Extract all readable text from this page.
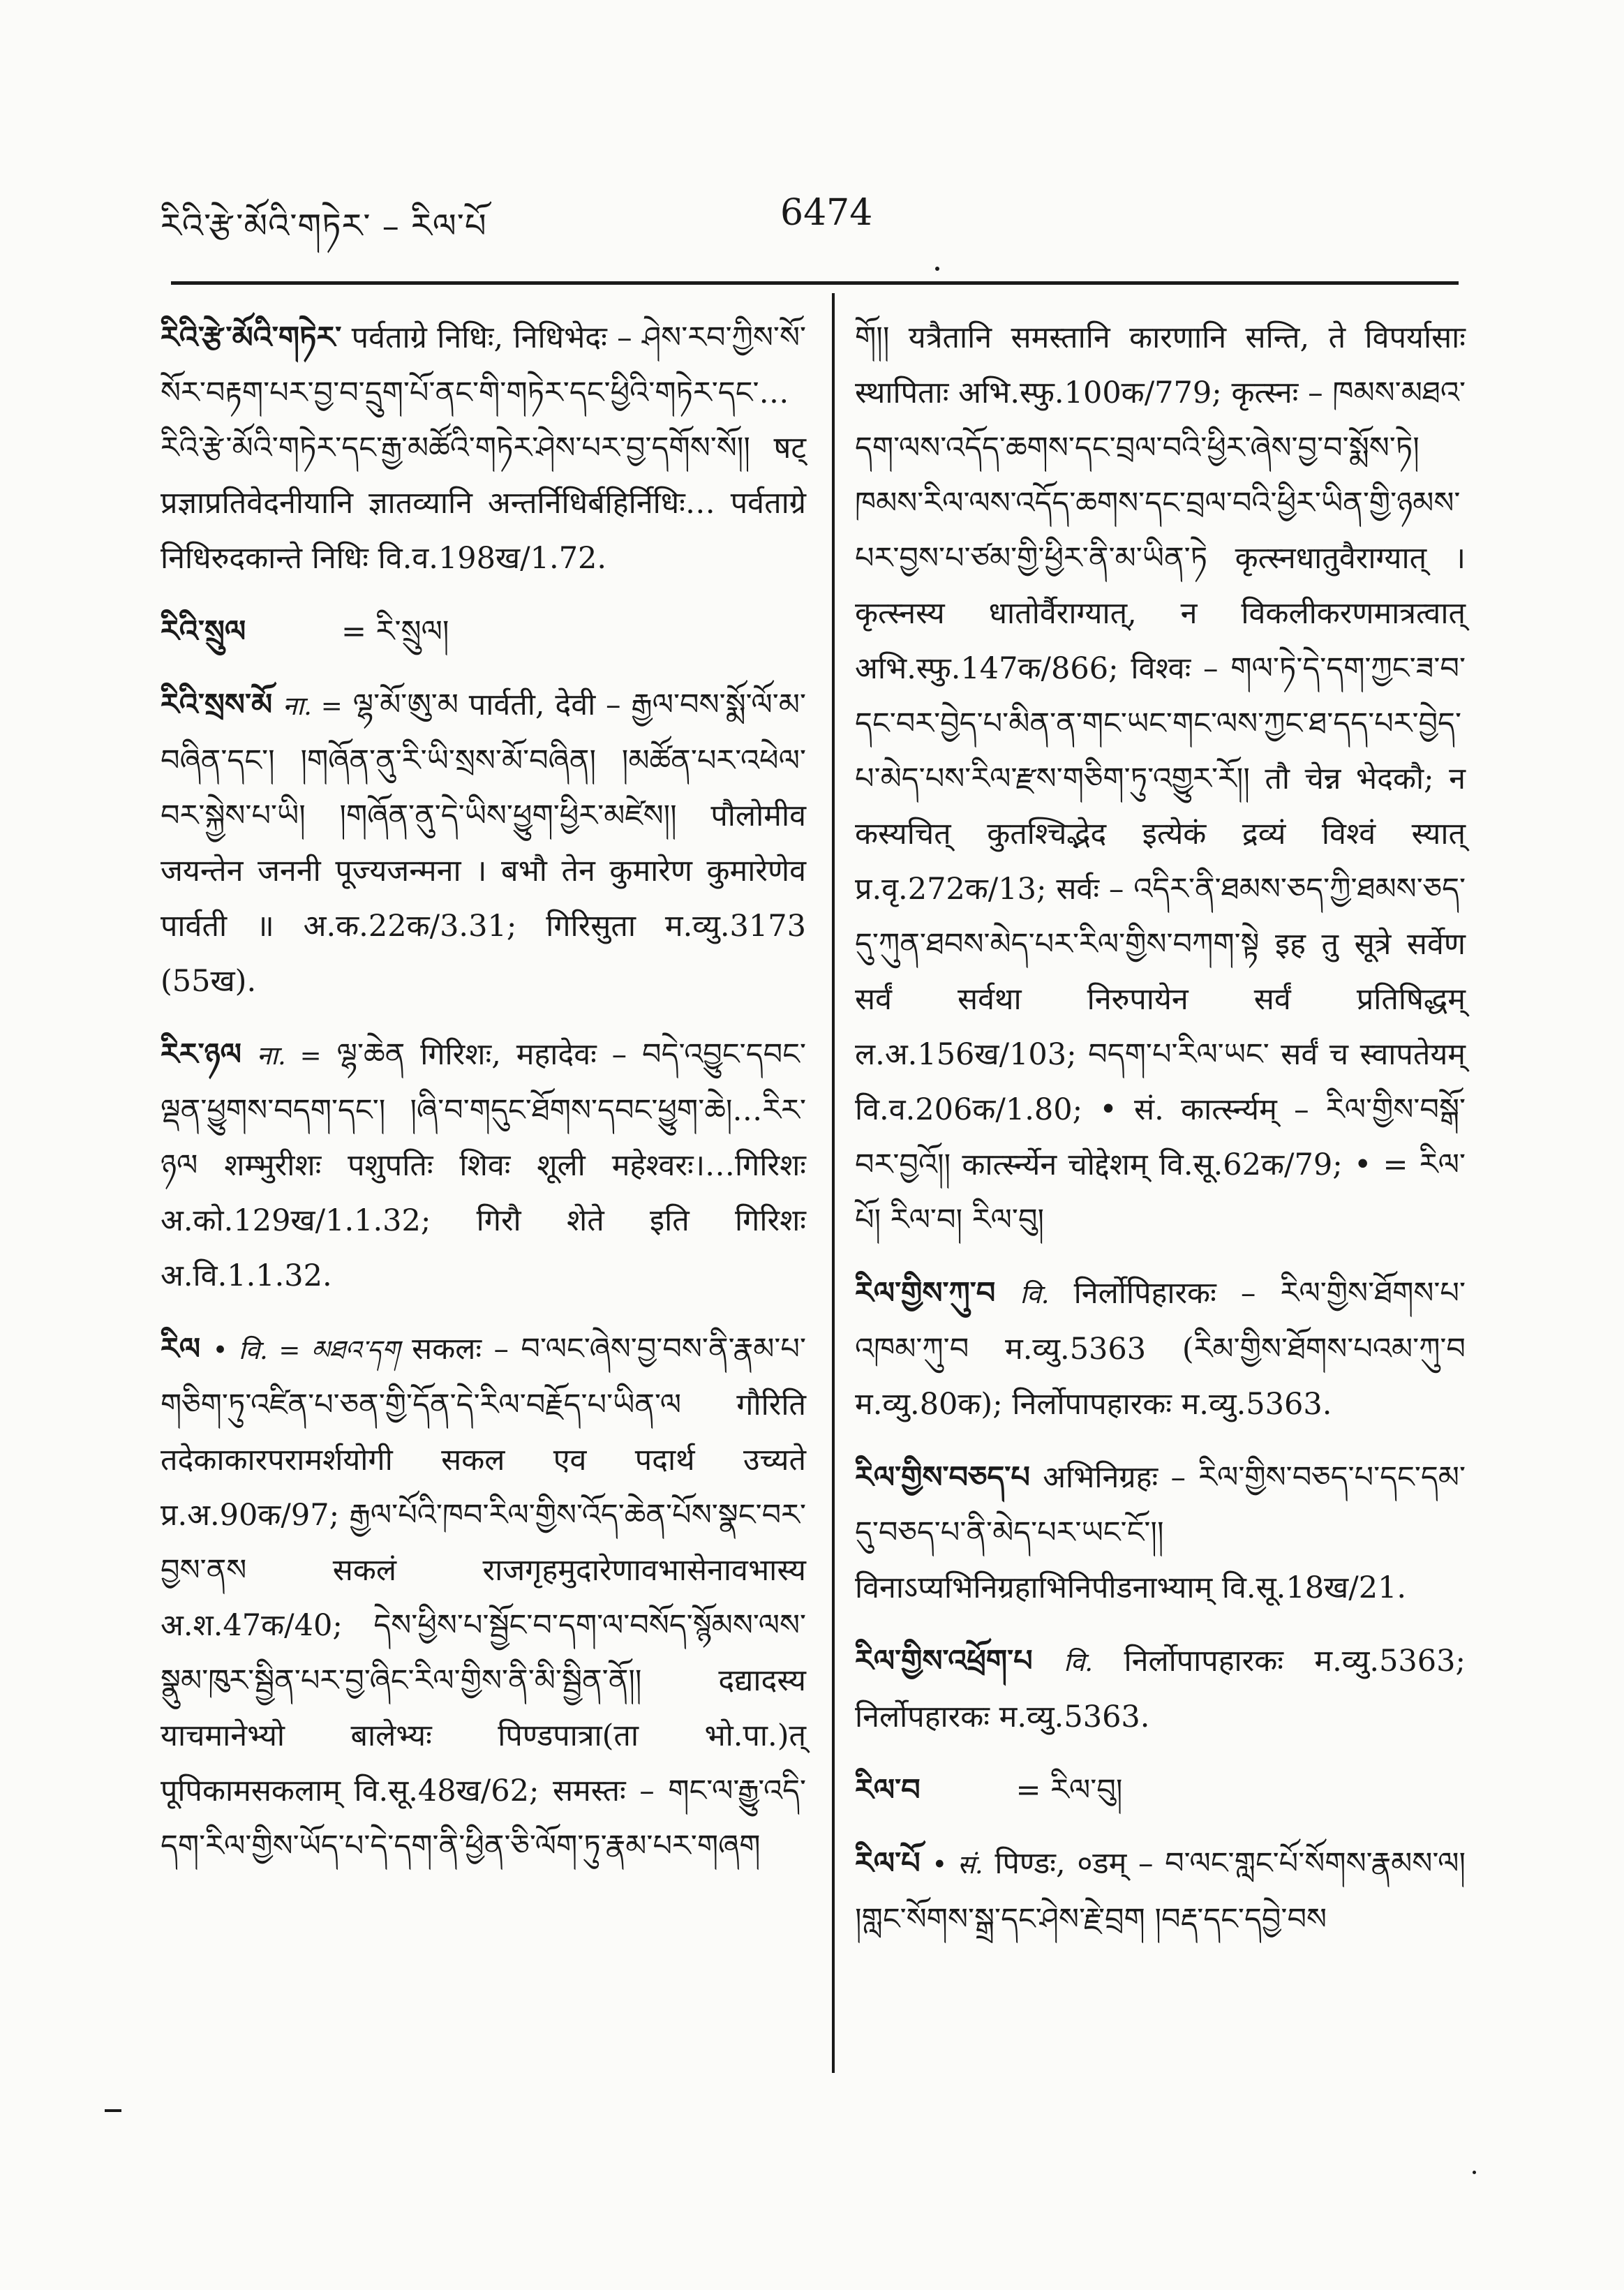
རིའི་རྩེ་མོའི་གཏེར་ – རིལ་པོ	6474

རིའི་རྩེ་མོའི་གཏེར་ पर्वताग्रे निधिः, निधिभेदः – ཤེས་རབ་ཀྱིས་སོ་སོར་བརྟག་པར་བྱ་བ་དྲུག་པོ་ནང་གི་གཏེར་དང་ཕྱིའི་གཏེར་དང་…རིའི་རྩེ་མོའི་གཏེར་དང་རྒྱ་མཚོའི་གཏེར་ཤེས་པར་བྱ་དགོས་སོ།། षट् प्रज्ञाप्रतिवेदनीयानि ज्ञातव्यानि अन्तर्निधिर्बहिर्निधिः… पर्वताग्रे निधिरुदकान्ते निधिः वि.व.198ख/1.72.

རིའི་སྲུལ	= རི་སྲུལ།

རིའི་སྲས་མོ ना. = ལྷ་མོ་ཨུ་མ पार्वती, देवी – རྒྱལ་བས་སྨོ་ལོ་མ་བཞིན་དང་། །གཞོན་ནུ་རི་ཡི་སྲས་མོ་བཞིན། །མཚོན་པར་འཕེལ་བར་སྐྱེས་པ་ཡི། །གཞོན་ནུ་དེ་ཡིས་ཕྱུག་ཕྱིར་མཛེས།། पौलोमीव जयन्तेन जननी पूज्यजन्मना । बभौ तेन कुमारेण कुमारेणेव पार्वती ॥ अ.क.22क/3.31; गिरिसुता म.व्यु.3173 (55ख).

རིར་ཉལ ना. = ལྷ་ཆེན गिरिशः, महादेवः – བདེ་འབྱུང་དབང་ལྡན་ཕྱུགས་བདག་དང་། །ཞི་བ་གདུང་ཐོགས་དབང་ཕྱུག་ཆེ།…རིར་ཉལ शम्भुरीशः पशुपतिः शिवः शूली महेश्वरः।…गिरिशः अ.को.129ख/1.1.32; गिरौ शेते इति गिरिशः अ.वि.1.1.32.

རིལ • वि. = མཐའ་དག सकलः – བ་ལང་ཞེས་བྱ་བས་ནི་རྣམ་པ་གཅིག་ཏུ་འཛིན་པ་ཅན་གྱི་དོན་དེ་རིལ་བརྗོད་པ་ཡིན་ལ गौरिति तदेकाकारपरामर्शयोगी सकल एव पदार्थ उच्यते प्र.अ.90क/97; རྒྱལ་པོའི་ཁབ་རིལ་གྱིས་འོད་ཆེན་པོས་སྣང་བར་བྱས་ནས सकलं राजगृहमुदारेणावभासेनावभास्य अ.श.47क/40; དེས་ཕྱིས་པ་སྦྱོང་བ་དག་ལ་བསོད་སྙོམས་ལས་སྣུམ་ཁུར་སྦྱིན་པར་བྱ་ཞིང་རིལ་གྱིས་ནི་མི་སྦྱིན་ནོ།། दद्यादस्य याचमानेभ्यो बालेभ्यः पिण्डपात्रा(ता भो.पा.)त् पूपिकामसकलाम् वि.सू.48ख/62; समस्तः – གང་ལ་རྒྱུ་འདི་དག་རིལ་གྱིས་ཡོད་པ་དེ་དག་ནི་ཕྱིན་ཅི་ལོག་ཏུ་རྣམ་པར་གཞག

གོ།། यत्रैतानि समस्तानि कारणानि सन्ति, ते विपर्यासाः स्थापिताः अभि.स्फु.100क/779; कृत्स्नः – ཁམས་མཐའ་དག་ལས་འདོད་ཆགས་དང་བྲལ་བའི་ཕྱིར་ཞེས་བྱ་བ་སྨོས་ཏེ། ཁམས་རིལ་ལས་འདོད་ཆགས་དང་བྲལ་བའི་ཕྱིར་ཡིན་གྱི་ཉམས་པར་བྱས་པ་ཙམ་གྱི་ཕྱིར་ནི་མ་ཡིན་ཏེ कृत्स्नधातुवैराग्यात् । कृत्स्नस्य धातोर्वैराग्यात्, न विकलीकरणमात्रत्वात् अभि.स्फु.147क/866; विश्वः – གལ་ཏེ་དེ་དག་ཀྱང་ཟ་བ་དང་བར་བྱེད་པ་མིན་ན་གང་ཡང་གང་ལས་ཀྱང་ཐ་དད་པར་བྱེད་པ་མེད་པས་རིལ་རྫས་གཅིག་ཏུ་འགྱུར་རོ།། तौ चेन्न भेदकौ; न कस्यचित् कुतश्चिद्भेद इत्येकं द्रव्यं विश्वं स्यात् प्र.वृ.272क/13; सर्वः – འདིར་ནི་ཐམས་ཅད་ཀྱི་ཐམས་ཅད་དུ་ཀུན་ཐབས་མེད་པར་རིལ་གྱིས་བཀག་སྟེ इह तु सूत्रे सर्वेण सर्वं सर्वथा निरुपायेन सर्वं प्रतिषिद्धम् ल.अ.156ख/103; བདག་པ་རིལ་ཡང་ सर्वं च स्वापतेयम् वि.व.206क/1.80; • सं. कार्त्स्न्यम् – རིལ་གྱིས་བསྒོ་བར་བྱའོ།། कार्त्स्न्येन चोद्देशम् वि.सू.62क/79; • = རིལ་པོ། རིལ་བ། རིལ་བུ།

རིལ་གྱིས་ཀུ་བ वि. निर्लोपिहारकः – རིལ་གྱིས་ཐོགས་པ་འཁམ་ཀུ་བ म.व्यु.5363 (རིམ་གྱིས་ཐོགས་པའམ་ཀུ་བ म.व्यु.80क); निर्लोपापहारकः म.व्यु.5363.

རིལ་གྱིས་བཅད་པ अभिनिग्रहः – རིལ་གྱིས་བཅད་པ་དང་དམ་དུ་བཅད་པ་ནི་མེད་པར་ཡང་ངོ་།། विनाऽप्यभिनिग्रहाभिनिपीडनाभ्याम् वि.सू.18ख/21.

རིལ་གྱིས་འཕྲོག་པ वि. निर्लोपापहारकः म.व्यु.5363; निर्लोपहारकः म.व्यु.5363.

རིལ་བ	= རིལ་བུ།

རིལ་པོ • सं. पिण्डः, ०डम् – བ་ལང་གླང་པོ་སོགས་རྣམས་ལ། །གླང་སོགས་སྒྲ་དང་ཤེས་རྗེ་བྲག །བརྡ་དང་དབྱེ་བས
